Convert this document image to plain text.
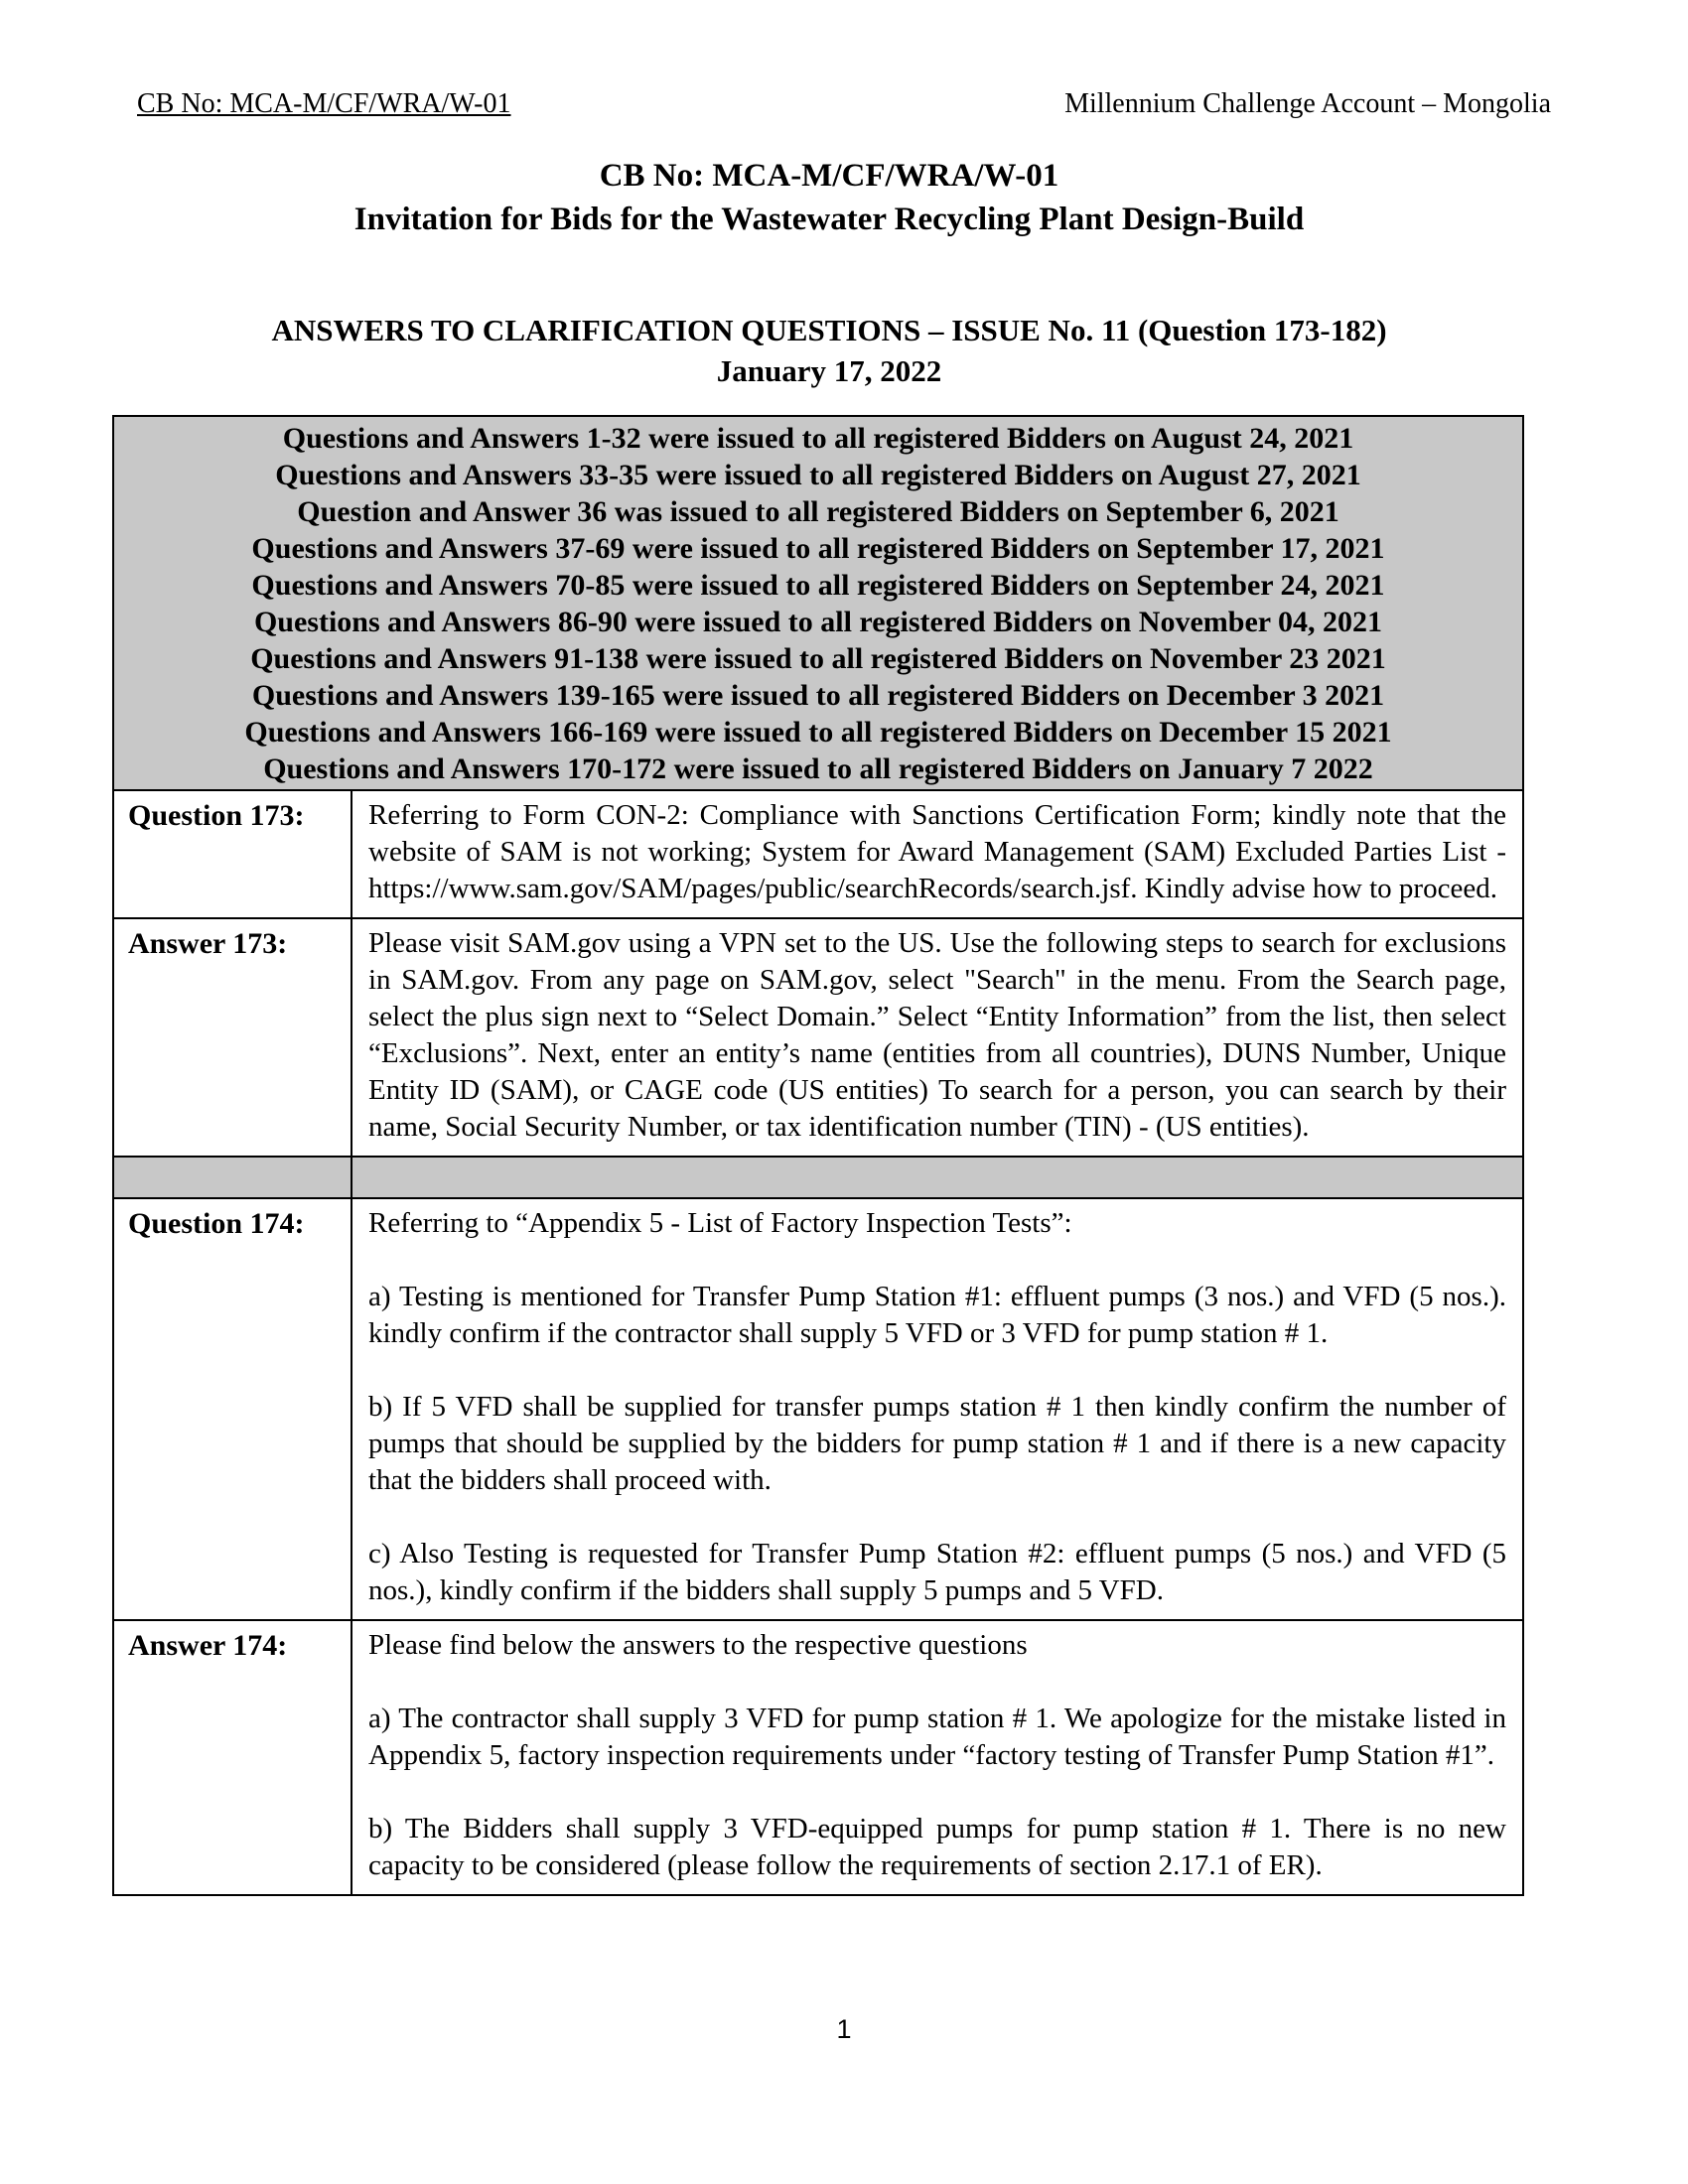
CB No: MCA-M/CF/WRA/W-01	Millennium Challenge Account – Mongolia
CB No: MCA-M/CF/WRA/W-01
Invitation for Bids for the Wastewater Recycling Plant Design-Build
ANSWERS TO CLARIFICATION QUESTIONS – ISSUE No. 11 (Question 173-182)
January 17, 2022
Questions and Answers 1-32 were issued to all registered Bidders on August 24, 2021
Questions and Answers 33-35 were issued to all registered Bidders on August 27, 2021
Question and Answer 36 was issued to all registered Bidders on September 6, 2021
Questions and Answers 37-69 were issued to all registered Bidders on September 17, 2021
Questions and Answers 70-85 were issued to all registered Bidders on September 24, 2021
Questions and Answers 86-90 were issued to all registered Bidders on November 04, 2021
Questions and Answers 91-138 were issued to all registered Bidders on November 23 2021
Questions and Answers 139-165 were issued to all registered Bidders on December 3 2021
Questions and Answers 166-169 were issued to all registered Bidders on December 15 2021
Questions and Answers 170-172 were issued to all registered Bidders on January 7 2022
Question 173:	Referring to Form CON-2: Compliance with Sanctions Certification Form; kindly note that the website of SAM is not working; System for Award Management (SAM) Excluded Parties List -https://www.sam.gov/SAM/pages/public/searchRecords/search.jsf. Kindly advise how to proceed.

Answer 173:	Please visit SAM.gov using a VPN set to the US. Use the following steps to search for exclusions in SAM.gov. From any page on SAM.gov, select "Search" in the menu. From the Search page, select the plus sign next to “Select Domain.” Select “Entity Information” from the list, then select “Exclusions”. Next, enter an entity’s name (entities from all countries), DUNS Number, Unique Entity ID (SAM), or CAGE code (US entities) To search for a person, you can search by their name, Social Security Number, or tax identification number (TIN) - (US entities).

Question 174:	Referring to “Appendix 5 - List of Factory Inspection Tests”:

a) Testing is mentioned for Transfer Pump Station #1: effluent pumps (3 nos.) and VFD (5 nos.). kindly confirm if the contractor shall supply 5 VFD or 3 VFD for pump station # 1.

b) If 5 VFD shall be supplied for transfer pumps station # 1 then kindly confirm the number of pumps that should be supplied by the bidders for pump station # 1 and if there is a new capacity that the bidders shall proceed with.

c) Also Testing is requested for Transfer Pump Station #2: effluent pumps (5 nos.) and VFD (5 nos.), kindly confirm if the bidders shall supply 5 pumps and 5 VFD.

Answer 174:	Please find below the answers to the respective questions

a) The contractor shall supply 3 VFD for pump station # 1. We apologize for the mistake listed in Appendix 5, factory inspection requirements under “factory testing of Transfer Pump Station #1”.

b) The Bidders shall supply 3 VFD-equipped pumps for pump station # 1. There is no new capacity to be considered (please follow the requirements of section 2.17.1 of ER).

1
